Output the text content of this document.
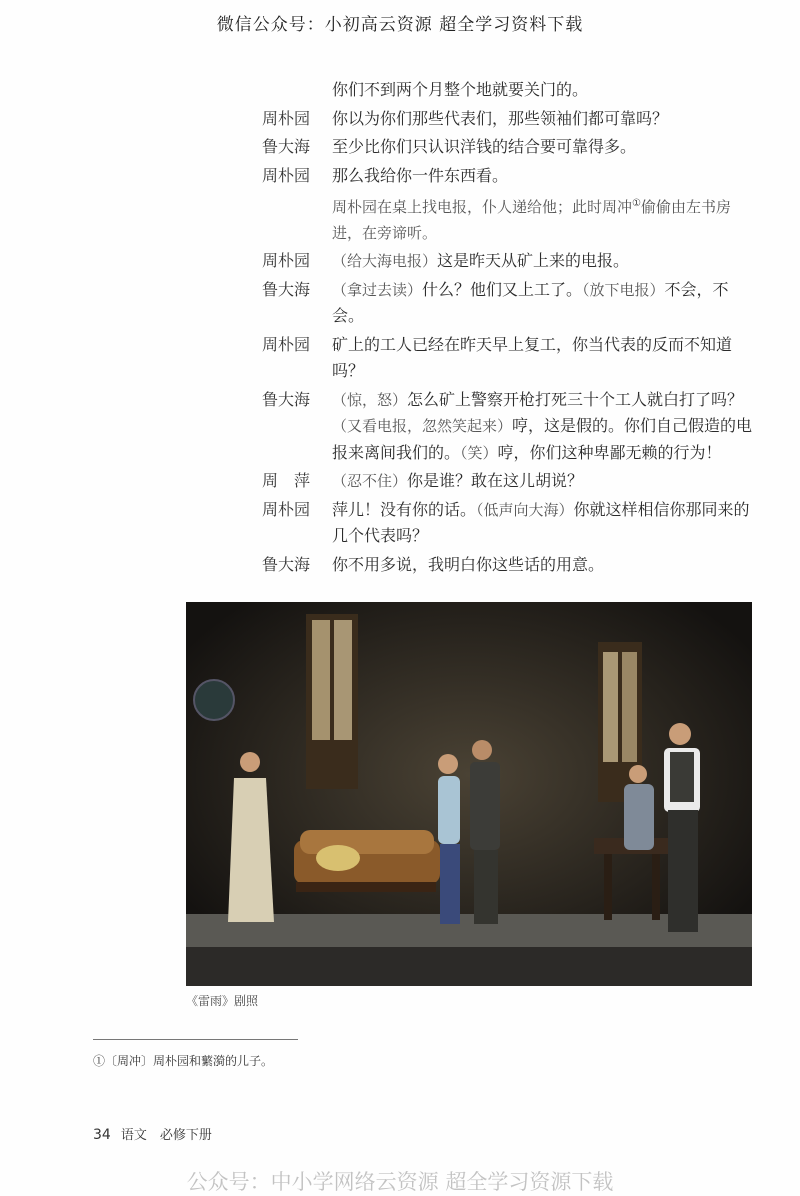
微信公众号：小初高云资源 超全学习资料下载
你们不到两个月整个地就要关门的。
周朴园	你以为你们那些代表们，那些领袖们都可靠吗？
鲁大海	至少比你们只认识洋钱的结合要可靠得多。
周朴园	那么我给你一件东西看。
周朴园在桌上找电报，仆人递给他；此时周冲①偷偷由左书房进，在旁谛听。
周朴园	（给大海电报）这是昨天从矿上来的电报。
鲁大海	（拿过去读）什么？他们又上工了。（放下电报）不会，不会。
周朴园	矿上的工人已经在昨天早上复工，你当代表的反而不知道吗？
鲁大海	（惊，怒）怎么矿上警察开枪打死三十个工人就白打了吗？（又看电报，忽然笑起来）哼，这是假的。你们自己假造的电报来离间我们的。（笑）哼，你们这种卑鄙无赖的行为！
周　萍	（忍不住）你是谁？敢在这儿胡说？
周朴园	萍儿！没有你的话。（低声向大海）你就这样相信你那同来的几个代表吗？
鲁大海	你不用多说，我明白你这些话的用意。
《雷雨》剧照
①〔周冲〕周朴园和蘩漪的儿子。
34 语文　必修下册
公众号：中小学网络云资源 超全学习资源下载
